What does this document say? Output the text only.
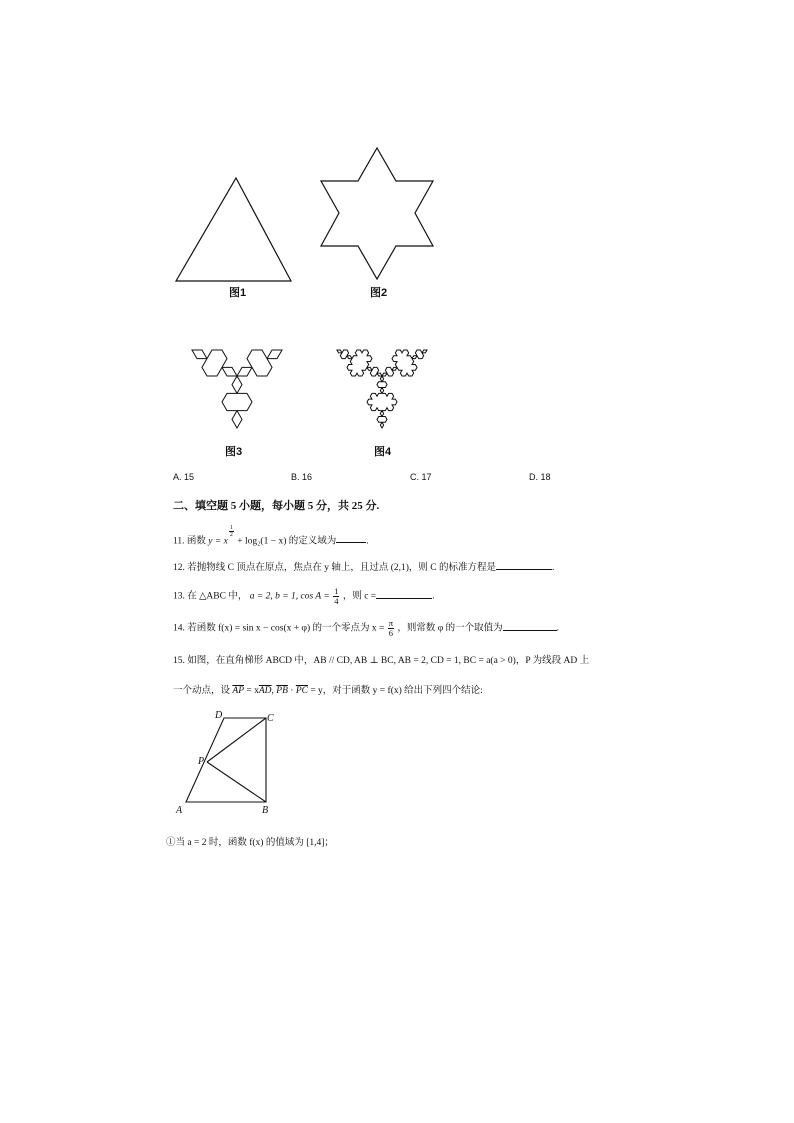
图1	图2
图3	图4
A. 15	B. 16	C. 17	D. 18
二、填空题 5 小题，每小题 5 分，共 25 分.
11. 函数 y = x
$^{\frac{1}{2}}$
+ log₂(1 − x) 的定义域为	.
12. 若抛物线 C 顶点在原点，焦点在 y 轴上，且过点 (2,1)，则 C 的标准方程是	.
13. 在 △ABC 中， a = 2, b = 1, $\cos A = \frac{1}{4}$ ，则 c =	.
14. 若函数 f(x) = sin x − cos(x + φ) 的一个零点为 $x = \frac{\pi}{6}$ ，则常数 φ 的一个取值为	.
15. 如图，在直角梯形 ABCD 中，AB // CD, AB ⊥ BC, AB = 2, CD = 1, BC = a(a > 0)，P 为线段 AD 上
一个动点，设 $\overline{AP} = x\overline{AD}$, $\overline{PB} \cdot \overline{PC} = y$，对于函数 y = f(x) 给出下列四个结论:
A	B
C
D
P
①当 a = 2 时，函数 f(x) 的值域为 [1,4]；
